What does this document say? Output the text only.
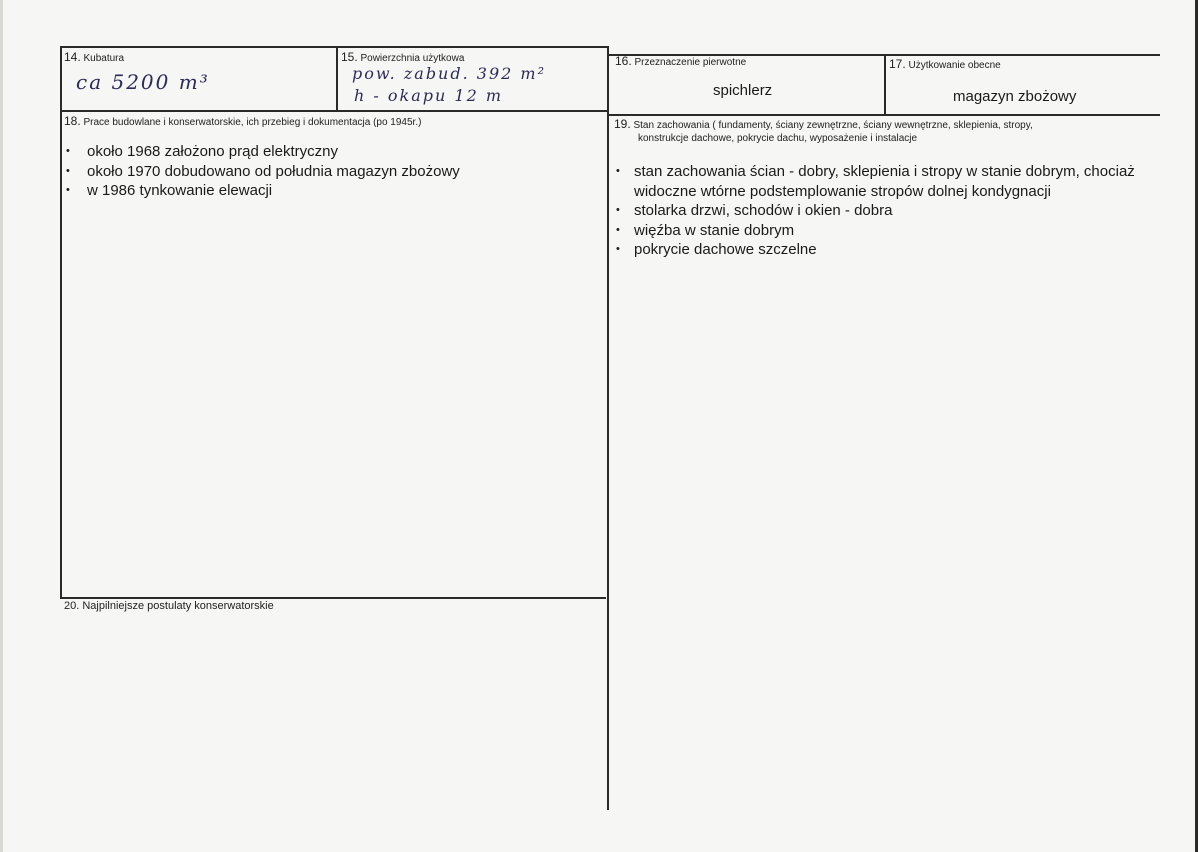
14. Kubatura
ca 5200 m³
15. Powierzchnia użytkowa
pow. zabud. 392 m²
h - okapu 12 m
16. Przeznaczenie pierwotne
spichlerz
17. Użytkowanie obecne
magazyn zbożowy
18. Prace budowlane i konserwatorskie, ich przebieg i dokumentacja (po 1945r.)
• około 1968 założono prąd elektryczny
• około 1970 dobudowano od południa magazyn zbożowy
• w 1986 tynkowanie elewacji
19. Stan zachowania ( fundamenty, ściany zewnętrzne, ściany wewnętrzne, sklepienia, stropy,
konstrukcje dachowe, pokrycie dachu, wyposażenie i instalacje
• stan zachowania ścian - dobry, sklepienia i stropy w stanie dobrym, chociaż widoczne wtórne podstemplowanie stropów dolnej kondygnacji
• stolarka drzwi, schodów i okien - dobra
• więźba w stanie dobrym
• pokrycie dachowe szczelne
20. Najpilniejsze postulaty konserwatorskie
